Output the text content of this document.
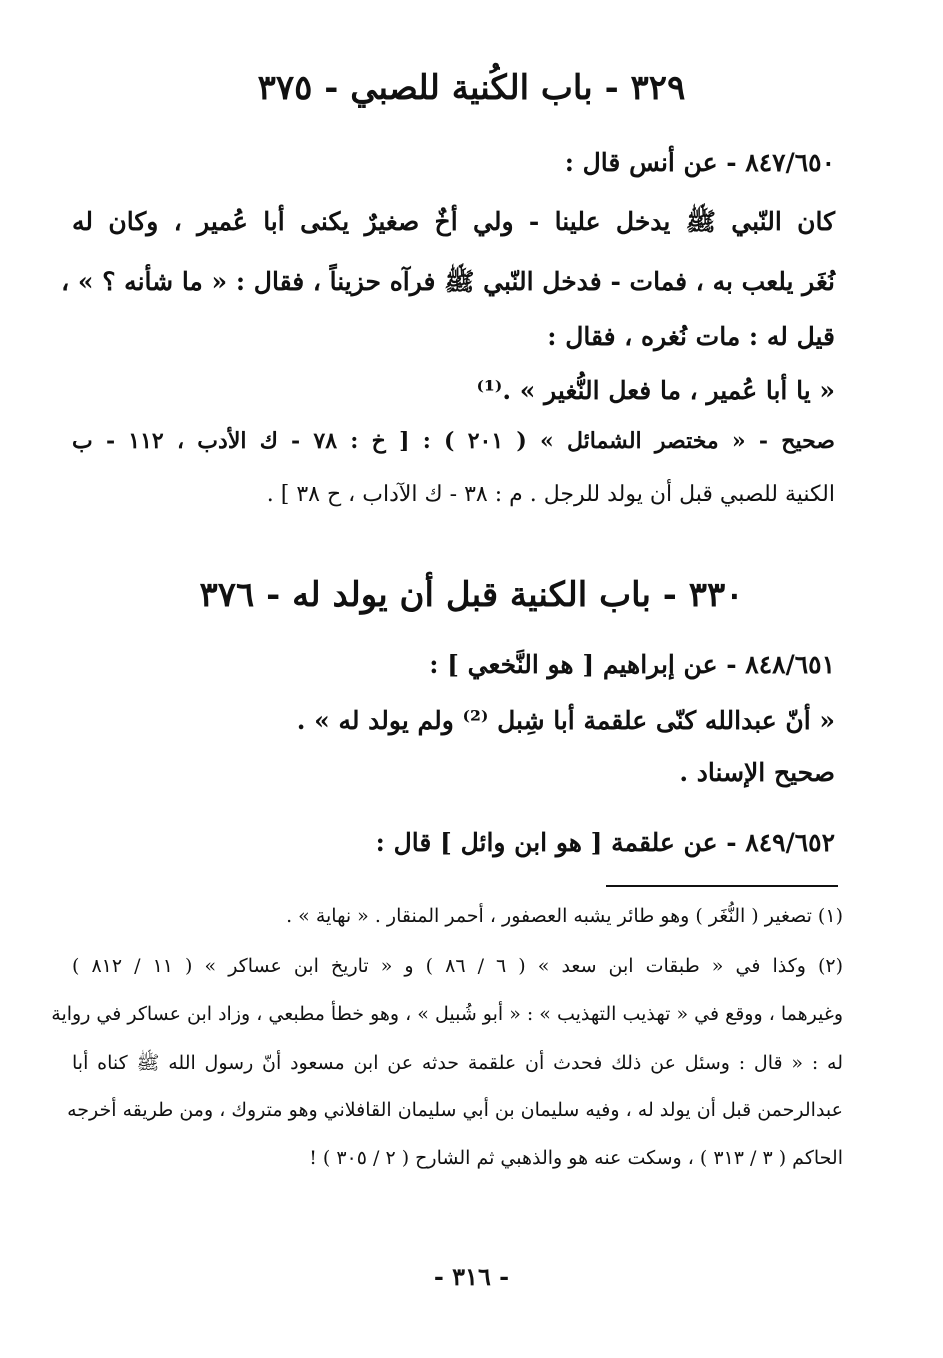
٣٢٩ - باب الكُنية للصبي - ٣٧٥
٨٤٧/٦٥٠ - عن أنس قال :
كان النّبي ﷺ يدخل علينا - ولي أخٌ صغيرٌ يكنى أبا عُمير ، وكان له
نُغَر يلعب به ، فمات - فدخل النّبي ﷺ فرآه حزيناً ، فقال : « ما شأنه ؟ » ،
قيل له : مات نُغره ، فقال :
« يا أبا عُمير ، ما فعل النُّغير » .⁽¹⁾
صحيح - « مختصر الشمائل » ( ٢٠١ ) : [ خ : ٧٨ - ك الأدب ، ١١٢ - ب
الكنية للصبي قبل أن يولد للرجل . م : ٣٨ - ك الآداب ، ح ٣٨ ] .
٣٣٠ - باب الكنية قبل أن يولد له - ٣٧٦
٨٤٨/٦٥١ - عن إبراهيم [ هو النَّخعي ] :
« أنّ عبدالله كنّى علقمة أبا شِبل ⁽²⁾ ولم يولد له » .
صحيح الإسناد .
٨٤٩/٦٥٢ - عن علقمة [ هو ابن وائل ] قال :
(١) تصغير ( النُّغَر ) وهو طائر يشبه العصفور ، أحمر المنقار . « نهاية » .
(٢) وكذا في « طبقات ابن سعد » ( ٦ / ٨٦ ) و « تاريخ ابن عساكر » ( ١١ / ٨١٢ )
وغيرهما ، ووقع في « تهذيب التهذيب » : « أبو شُبيل » ، وهو خطأ مطبعي ، وزاد ابن عساكر في رواية
له : « قال : وسئل عن ذلك فحدث أن علقمة حدثه عن ابن مسعود أنّ رسول الله ﷺ كناه أبا
عبدالرحمن قبل أن يولد له ، وفيه سليمان بن أبي سليمان القافلاني وهو متروك ، ومن طريقه أخرجه
الحاكم ( ٣ / ٣١٣ ) ، وسكت عنه هو والذهبي ثم الشارح ( ٢ / ٣٠٥ ) !
- ٣١٦ -
